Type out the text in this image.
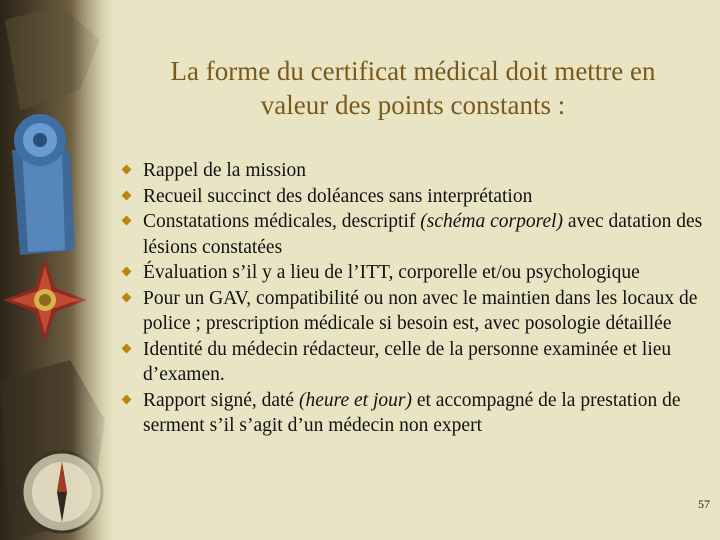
La forme du certificat médical doit mettre en
valeur des points constants :
Rappel de la mission
Recueil succinct des doléances sans interprétation
Constatations médicales, descriptif (schéma corporel) avec datation des lésions constatées
Évaluation s’il y a lieu de l’ITT, corporelle et/ou psychologique
Pour un GAV, compatibilité ou non avec le maintien dans les locaux de police ; prescription médicale si besoin est, avec posologie détaillée
Identité du médecin rédacteur, celle de la personne examinée et lieu d’examen.
Rapport signé, daté (heure et jour) et accompagné de la prestation de serment s’il s’agit d’un médecin non expert
57
